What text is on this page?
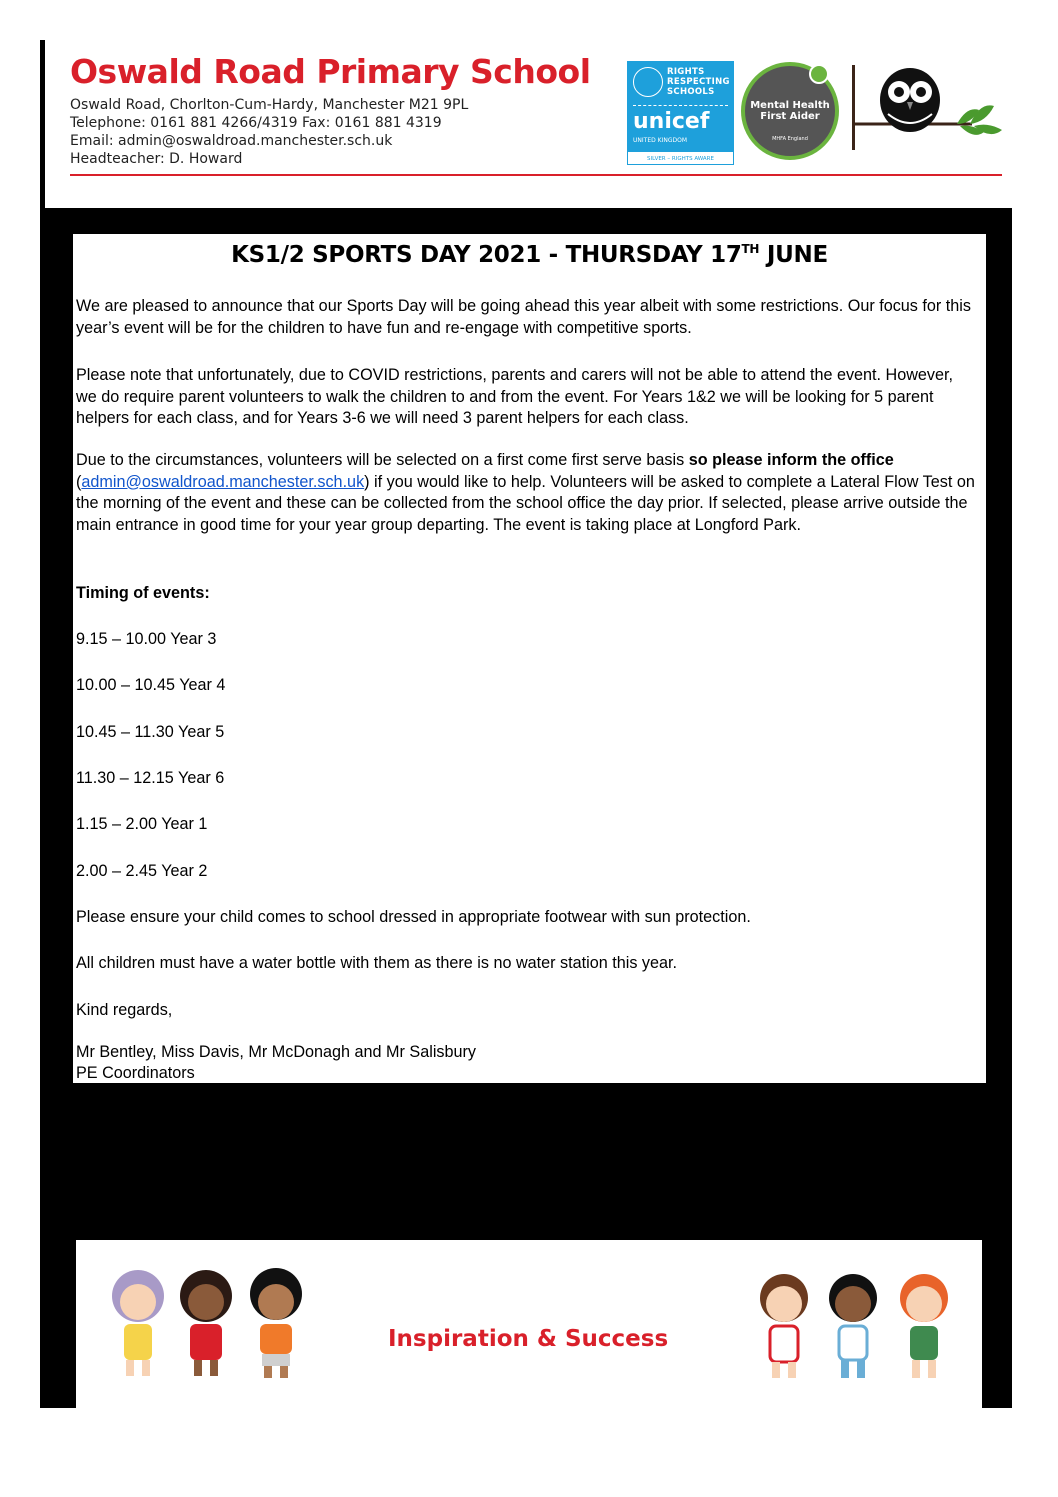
Oswald Road Primary School
Oswald Road, Chorlton-Cum-Hardy, Manchester M21 9PL
Telephone: 0161 881 4266/4319 Fax: 0161 881 4319
Email: admin@oswaldroad.manchester.sch.uk
Headteacher: D. Howard
RIGHTS
RESPECTING
SCHOOLS
unicef
UNITED KINGDOM
SILVER – RIGHTS AWARE
Mental Health
First Aider
MHFA England
KS1/2 SPORTS DAY 2021 - THURSDAY 17TH JUNE

We are pleased to announce that our Sports Day will be going ahead this year albeit with some restrictions. Our focus for this year’s event will be for the children to have fun and re-engage with competitive sports.

Please note that unfortunately, due to COVID restrictions, parents and carers will not be able to attend the event. However, we do require parent volunteers to walk the children to and from the event. For Years 1&2 we will be looking for 5 parent helpers for each class, and for Years 3-6 we will need 3 parent helpers for each class.

Due to the circumstances, volunteers will be selected on a first come first serve basis so please inform the office (admin@oswaldroad.manchester.sch.uk) if you would like to help. Volunteers will be asked to complete a Lateral Flow Test on the morning of the event and these can be collected from the school office the day prior. If selected, please arrive outside the main entrance in good time for your year group departing. The event is taking place at Longford Park.

Timing of events:

9.15 – 10.00 Year 3

10.00 – 10.45 Year 4

10.45 – 11.30 Year 5

11.30 – 12.15 Year 6

1.15 – 2.00 Year 1

2.00 – 2.45 Year 2

Please ensure your child comes to school dressed in appropriate footwear with sun protection.

All children must have a water bottle with them as there is no water station this year.

Kind regards,

Mr Bentley, Miss Davis, Mr McDonagh and Mr Salisbury

PE Coordinators

Inspiration & Success
